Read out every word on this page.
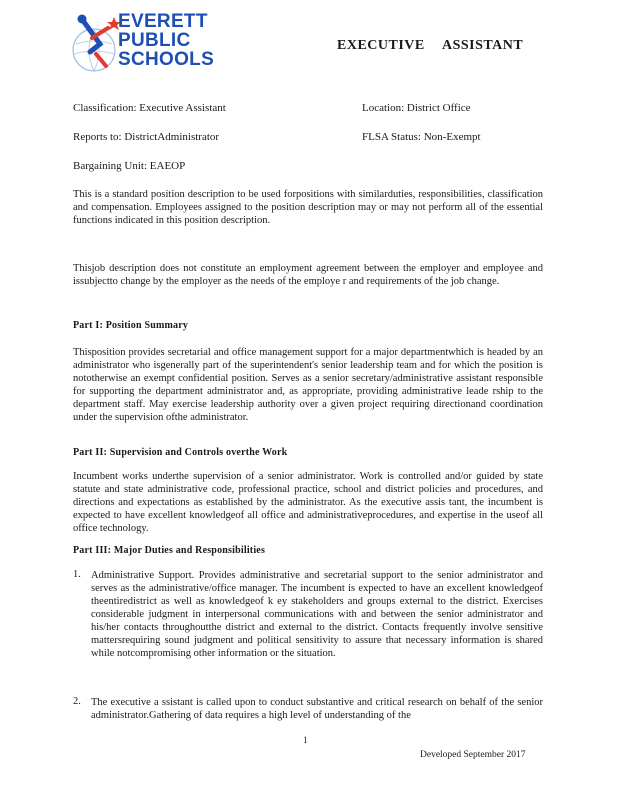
EVERETT
PUBLIC
SCHOOLS
EXECUTIVE ASSISTANT
Classification: Executive Assistant	Location: District Office
Reports to: DistrictAdministrator	FLSA Status: Non-Exempt
Bargaining Unit: EAEOP
This is a standard position description to be used forpositions with similarduties, responsibilities, classification and compensation. Employees assigned to the position description may or may not perform all of the essential functions indicated in this position description.
Thisjob description does not constitute an employment agreement between the employer and employee and issubjectto change by the employer as the needs of the employe r and requirements of the job change.
Part I: Position Summary
Thisposition provides secretarial and office management support for a major departmentwhich is headed by an administrator who isgenerally part of the superintendent's senior leadership team and for which the position is nototherwise an exempt confidential position. Serves as a senior secretary/administrative assistant responsible for supporting the department administrator and, as appropriate, providing administrative leade rship to the department staff. May exercise leadership authority over a given project requiring directionand coordination under the supervision ofthe administrator.
Part II: Supervision and Controls overthe Work
Incumbent works underthe supervision of a senior administrator. Work is controlled and/or guided by state statute and state administrative code, professional practice, school and district policies and procedures, and directions and expectations as established by the administrator. As the executive assis tant, the incumbent is expected to have excellent knowledgeof all office and administrativeprocedures, and expertise in the useof all office technology.
Part III: Major Duties and Responsibilities
1. Administrative Support. Provides administrative and secretarial support to the senior administrator and serves as the administrative/office manager. The incumbent is expected to have an excellent knowledgeof theentiredistrict as well as knowledgeof k ey stakeholders and groups external to the district. Exercises considerable judgment in interpersonal communications with and between the senior administrator and his/her contacts throughoutthe district and external to the district. Contacts frequently involve sensitive mattersrequiring sound judgment and political sensitivity to assure that necessary information is shared while notcompromising other information or the situation.
2. The executive a ssistant is called upon to conduct substantive and critical research on behalf of the senior administrator.Gathering of data requires a high level of understanding of the
1
Developed September 2017
